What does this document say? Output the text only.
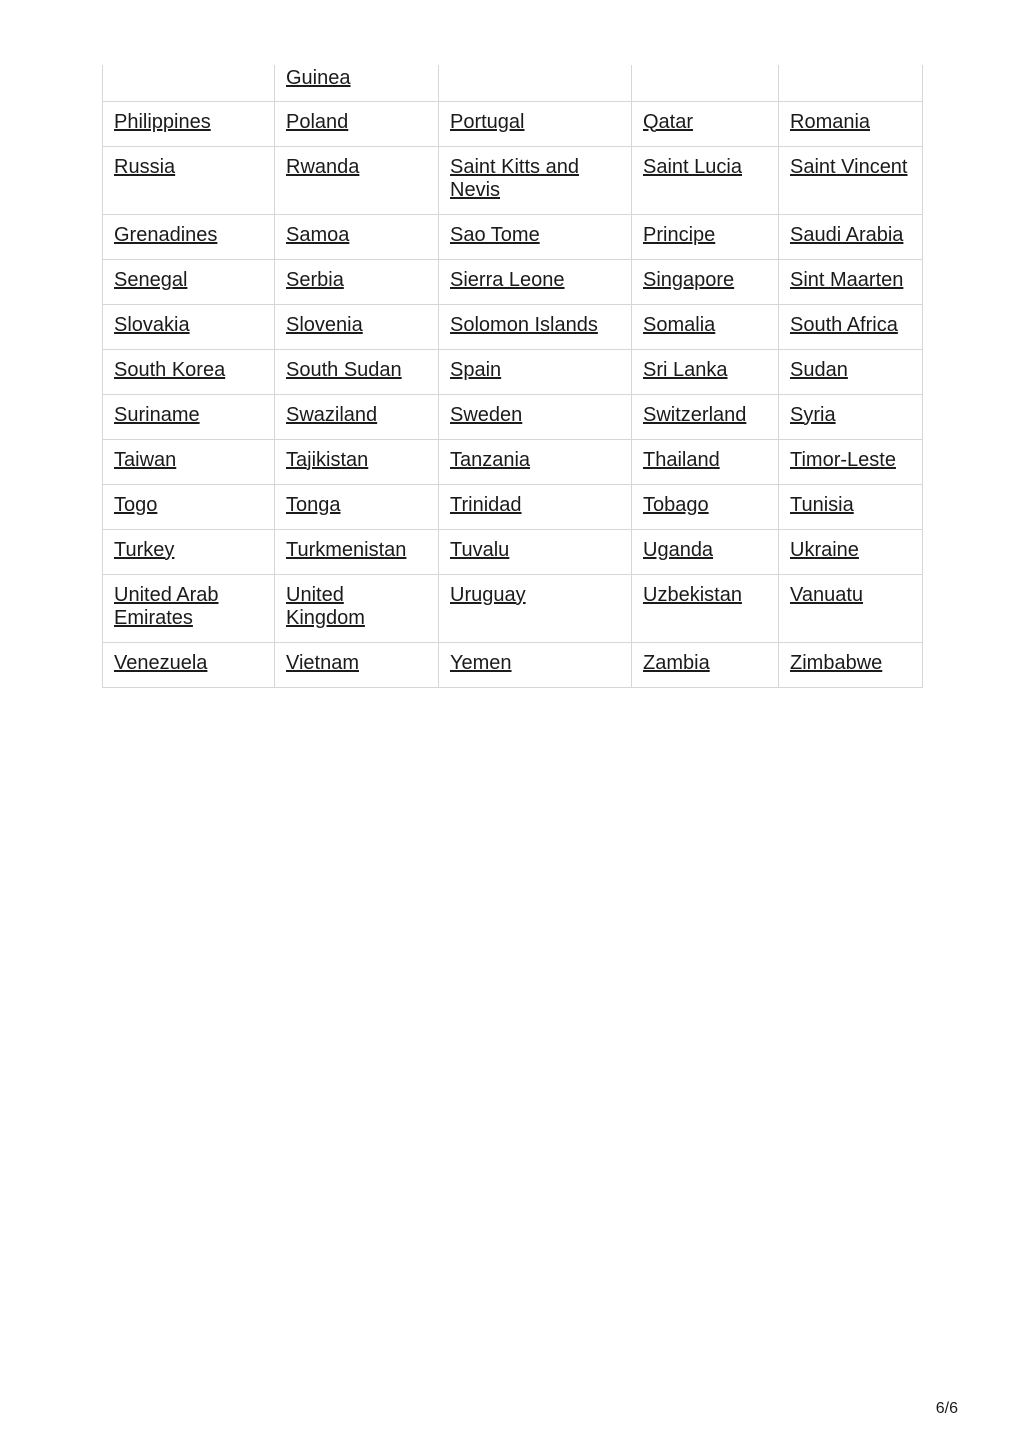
	Guinea			
Philippines	Poland	Portugal	Qatar	Romania
Russia	Rwanda	Saint Kitts and Nevis	Saint Lucia	Saint Vincent
Grenadines	Samoa	Sao Tome	Principe	Saudi Arabia
Senegal	Serbia	Sierra Leone	Singapore	Sint Maarten
Slovakia	Slovenia	Solomon Islands	Somalia	South Africa
South Korea	South Sudan	Spain	Sri Lanka	Sudan
Suriname	Swaziland	Sweden	Switzerland	Syria
Taiwan	Tajikistan	Tanzania	Thailand	Timor-Leste
Togo	Tonga	Trinidad	Tobago	Tunisia
Turkey	Turkmenistan	Tuvalu	Uganda	Ukraine
United Arab Emirates	United Kingdom	Uruguay	Uzbekistan	Vanuatu
Venezuela	Vietnam	Yemen	Zambia	Zimbabwe
6/6
